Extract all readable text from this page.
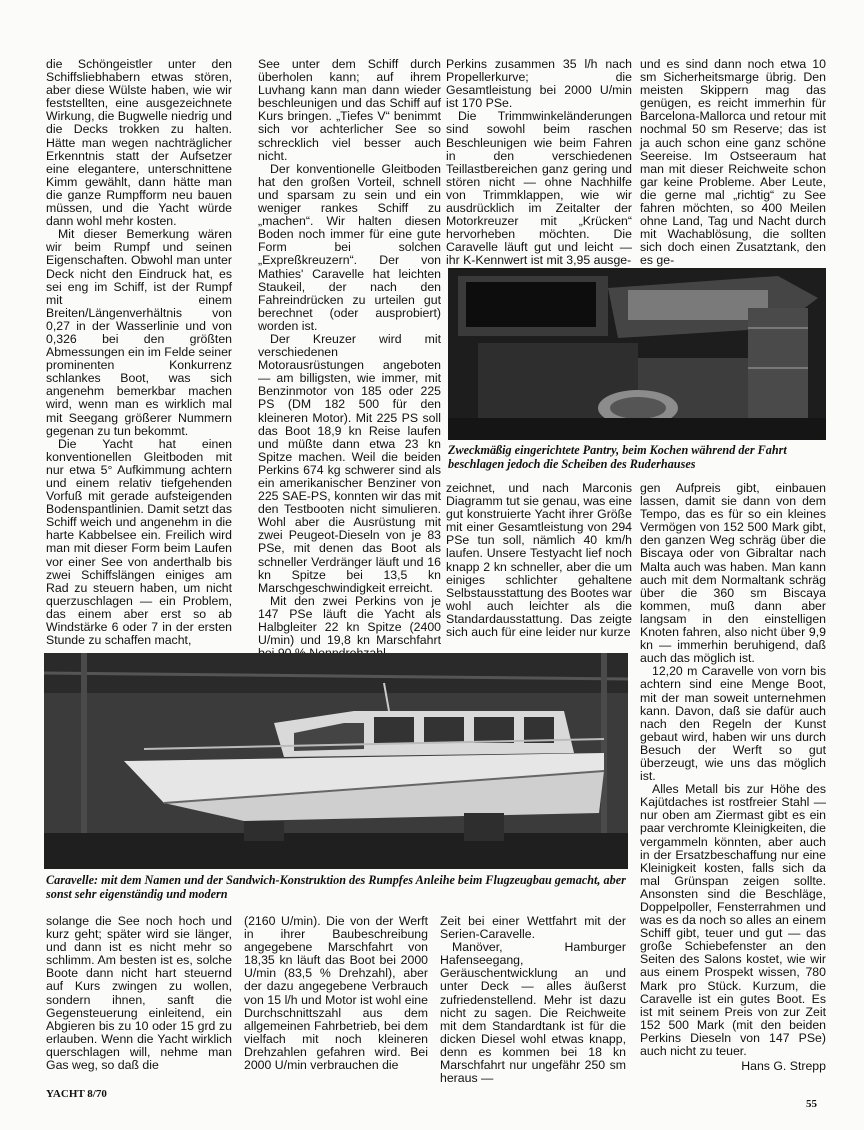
die Schöngeistler unter den Schiffsliebhabern etwas stören, aber diese Wülste haben, wie wir feststellten, eine ausgezeichnete Wirkung, die Bugwelle niedrig und die Decks trokken zu halten. Hätte man wegen nachträglicher Erkenntnis statt der Aufsetzer eine elegantere, unterschnittene Kimm gewählt, dann hätte man die ganze Rumpfform neu bauen müssen, und die Yacht würde dann wohl mehr kosten.

Mit dieser Bemerkung wären wir beim Rumpf und seinen Eigenschaften. Obwohl man unter Deck nicht den Eindruck hat, es sei eng im Schiff, ist der Rumpf mit einem Breiten/Längenverhältnis von 0,27 in der Wasserlinie und von 0,326 bei den größten Abmessungen ein im Felde seiner prominenten Konkurrenz schlankes Boot, was sich angenehm bemerkbar machen wird, wenn man es wirklich mal mit Seegang größerer Nummern gegenan zu tun bekommt.

Die Yacht hat einen konventionellen Gleitboden mit nur etwa 5° Aufkimmung achtern und einem relativ tiefgehenden Vorfuß mit gerade aufsteigenden Bodenspantlinien. Damit setzt das Schiff weich und angenehm in die harte Kabbelsee ein. Freilich wird man mit dieser Form beim Laufen vor einer See von anderthalb bis zwei Schiffslängen einiges am Rad zu steuern haben, um nicht querzuschlagen — ein Problem, das einem aber erst so ab Windstärke 6 oder 7 in der ersten Stunde zu schaffen macht,

See unter dem Schiff durch überholen kann; auf ihrem Luvhang kann man dann wieder beschleunigen und das Schiff auf Kurs bringen. „Tiefes V“ benimmt sich vor achterlicher See so schrecklich viel besser auch nicht.

Der konventionelle Gleitboden hat den großen Vorteil, schnell und sparsam zu sein und ein weniger rankes Schiff zu „machen“. Wir halten diesen Boden noch immer für eine gute Form bei solchen „Expreßkreuzern“. Der von Mathies' Caravelle hat leichten Staukeil, der nach den Fahreindrücken zu urteilen gut berechnet (oder ausprobiert) worden ist.

Der Kreuzer wird mit verschiedenen Motorausrüstungen angeboten — am billigsten, wie immer, mit Benzinmotor von 185 oder 225 PS (DM 182 500 für den kleineren Motor). Mit 225 PS soll das Boot 18,9 kn Reise laufen und müßte dann etwa 23 kn Spitze machen. Weil die beiden Perkins 674 kg schwerer sind als ein amerikanischer Benziner von 225 SAE-PS, konnten wir das mit den Testbooten nicht simulieren. Wohl aber die Ausrüstung mit zwei Peugeot-Dieseln von je 83 PSe, mit denen das Boot als schneller Verdränger läuft und 16 kn Spitze bei 13,5 kn Marschgeschwindigkeit erreicht.

Mit den zwei Perkins von je 147 PSe läuft die Yacht als Halbgleiter 22 kn Spitze (2400 U/min) und 19,8 kn Marschfahrt

Perkins zusammen 35 l/h nach Propellerkurve; die Gesamtleistung bei 2000 U/min ist 170 PSe.

Die Trimmwinkeländerungen sind sowohl beim raschen Beschleunigen wie beim Fahren in den verschiedenen Teillastbereichen ganz gering und stören nicht — ohne Nachhilfe von Trimmklappen, wie wir ausdrücklich im Zeitalter der Motorkreuzer mit „Krücken“ hervorheben möchten. Die Caravelle läuft gut und leicht — ihr K-Kennwert ist mit 3,95 ausge-

und es sind dann noch etwa 10 sm Sicherheitsmarge übrig. Den meisten Skippern mag das genügen, es reicht immerhin für Barcelona-Mallorca und retour mit nochmal 50 sm Reserve; das ist ja auch schon eine ganz schöne Seereise. Im Ostseeraum hat man mit dieser Reichweite schon gar keine Probleme. Aber Leute, die gerne mal „richtig“ zu See fahren möchten, so 400 Meilen ohne Land, Tag und Nacht durch mit Wachablösung, die sollten sich doch einen Zusatztank, den es ge-

Zweckmäßig eingerichtete Pantry, beim Kochen während der Fahrt beschlagen jedoch die Scheiben des Ruderhauses

zeichnet, und nach Marconis Diagramm tut sie genau, was eine gut konstruierte Yacht ihrer Größe mit einer Gesamtleistung von 294 PSe tun soll, nämlich 40 km/h laufen. Unsere Testyacht lief noch knapp 2 kn schneller, aber die um einiges schlichter gehaltene Selbstausstattung des Bootes war wohl auch leichter als die Standardausstattung. Das zeigte sich auch für eine leider nur kurze

gen Aufpreis gibt, einbauen lassen, damit sie dann von dem Tempo, das es für so ein kleines Vermögen von 152 500 Mark gibt, den ganzen Weg schräg über die Biscaya oder von Gibraltar nach Malta auch was haben. Man kann auch mit dem Normaltank schräg über die 360 sm Biscaya kommen, muß dann aber langsam in den einstelligen Knoten fahren, also nicht über 9,9 kn — immerhin beruhigend, daß auch das möglich ist.

12,20 m Caravelle von vorn bis achtern sind eine Menge Boot, mit der man soweit unternehmen kann. Davon, daß sie dafür auch nach den Regeln der Kunst gebaut wird, haben wir uns durch Besuch der Werft so gut überzeugt, wie uns das möglich ist.

Alles Metall bis zur Höhe des Kajütdaches ist rostfreier Stahl — nur oben am Ziermast gibt es ein paar verchromte Kleinigkeiten, die vergammeln könnten, aber auch in der Ersatzbeschaffung nur eine Kleinigkeit kosten, falls sich da mal Grünspan zeigen sollte. Ansonsten sind die Beschläge, Doppelpoller, Fensterrahmen und was es da noch so alles an einem Schiff gibt, teuer und gut — das große Schiebefenster an den Seiten des Salons kostet, wie wir aus einem Prospekt wissen, 780 Mark pro Stück. Kurzum, die Caravelle ist ein gutes Boot. Es ist mit seinem Preis von zur Zeit 152 500 Mark (mit den beiden Perkins Dieseln von 147 PSe) auch nicht zu teuer.

Hans G. Strepp
Caravelle: mit dem Namen und der Sandwich-Konstruktion des Rumpfes Anleihe beim Flugzeugbau gemacht, aber sonst sehr eigenständig und modern

solange die See noch hoch und kurz geht; später wird sie länger, und dann ist es nicht mehr so schlimm. Am besten ist es, solche Boote dann nicht hart steuernd auf Kurs zwingen zu wollen, sondern ihnen, sanft die Gegensteuerung einleitend, ein Abgieren bis zu 10 oder 15 grd zu erlauben. Wenn die Yacht wirklich querschlagen will, nehme man Gas weg, so daß die

(2160 U/min). Die von der Werft in ihrer Baubeschreibung angegebene Marschfahrt von 18,35 kn läuft das Boot bei 2000 U/min (83,5 % Drehzahl), aber der dazu angegebene Verbrauch von 15 l/h und Motor ist wohl eine Durchschnittszahl aus dem allgemeinen Fahrbetrieb, bei dem vielfach mit noch kleineren Drehzahlen gefahren wird. Bei 2000 U/min verbrauchen die

Zeit bei einer Wettfahrt mit der Serien-Caravelle.

Manöver, Hamburger Hafenseegang, Geräuschentwicklung an und unter Deck — alles äußerst zufriedenstellend. Mehr ist dazu nicht zu sagen. Die Reichweite mit dem Standardtank ist für die dicken Diesel wohl etwas knapp, denn es kommen bei 18 kn Marschfahrt nur ungefähr 250 sm heraus —

YACHT 8/70
55
